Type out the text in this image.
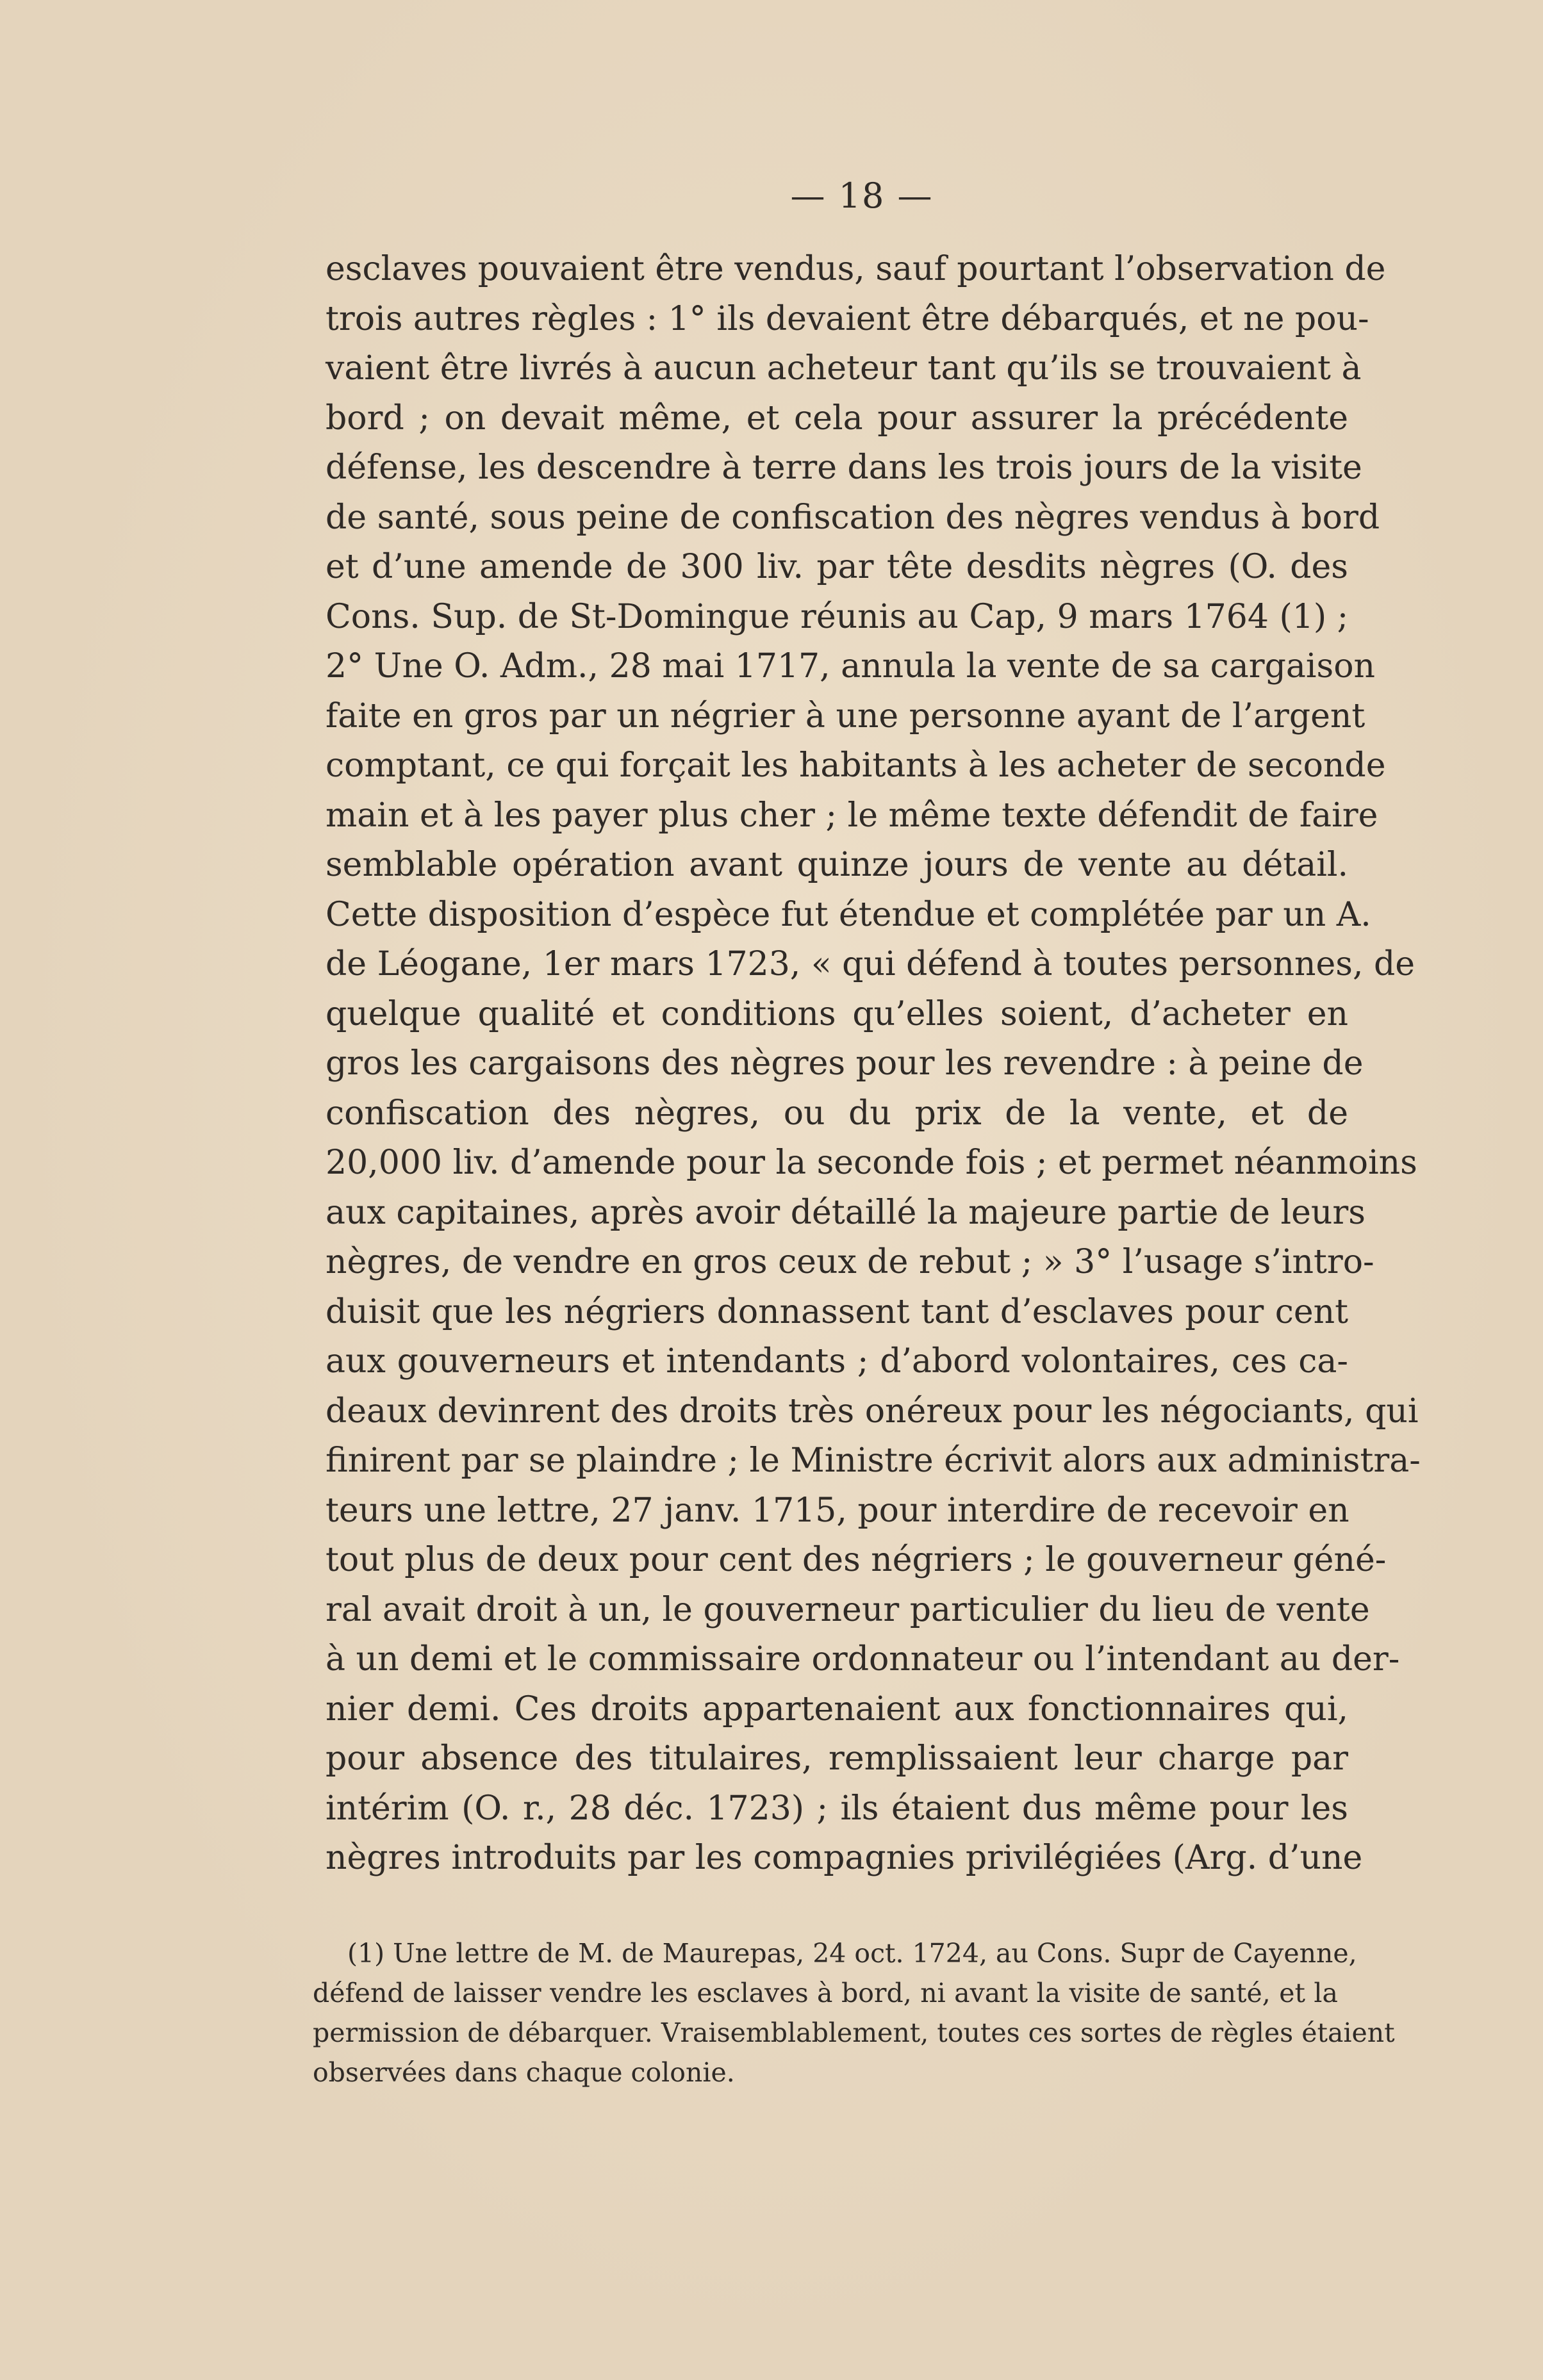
— 18 —
esclaves pouvaient être vendus, sauf pourtant l’observation de
trois autres règles : 1° ils devaient être débarqués, et ne pou-
vaient être livrés à aucun acheteur tant qu’ils se trouvaient à
bord ; on devait même, et cela pour assurer la précédente
défense, les descendre à terre dans les trois jours de la visite
de santé, sous peine de confiscation des nègres vendus à bord
et d’une amende de 300 liv. par tête desdits nègres (O. des
Cons. Sup. de St-Domingue réunis au Cap, 9 mars 1764 (1) ;
2° Une O. Adm., 28 mai 1717, annula la vente de sa cargaison
faite en gros par un négrier à une personne ayant de l’argent
comptant, ce qui forçait les habitants à les acheter de seconde
main et à les payer plus cher ; le même texte défendit de faire
semblable opération avant quinze jours de vente au détail.
Cette disposition d’espèce fut étendue et complétée par un A.
de Léogane, 1er mars 1723, « qui défend à toutes personnes, de
quelque qualité et conditions qu’elles soient, d’acheter en
gros les cargaisons des nègres pour les revendre : à peine de
confiscation des nègres, ou du prix de la vente, et de
20,000 liv. d’amende pour la seconde fois ; et permet néanmoins
aux capitaines, après avoir détaillé la majeure partie de leurs
nègres, de vendre en gros ceux de rebut ; » 3° l’usage s’intro-
duisit que les négriers donnassent tant d’esclaves pour cent
aux gouverneurs et intendants ; d’abord volontaires, ces ca-
deaux devinrent des droits très onéreux pour les négociants, qui
finirent par se plaindre ; le Ministre écrivit alors aux administra-
teurs une lettre, 27 janv. 1715, pour interdire de recevoir en
tout plus de deux pour cent des négriers ; le gouverneur géné-
ral avait droit à un, le gouverneur particulier du lieu de vente
à un demi et le commissaire ordonnateur ou l’intendant au der-
nier demi. Ces droits appartenaient aux fonctionnaires qui,
pour absence des titulaires, remplissaient leur charge par
intérim (O. r., 28 déc. 1723) ; ils étaient dus même pour les
nègres introduits par les compagnies privilégiées (Arg. d’une
(1) Une lettre de M. de Maurepas, 24 oct. 1724, au Cons. Supr de Cayenne,
défend de laisser vendre les esclaves à bord, ni avant la visite de santé, et la
permission de débarquer. Vraisemblablement, toutes ces sortes de règles étaient
observées dans chaque colonie.
